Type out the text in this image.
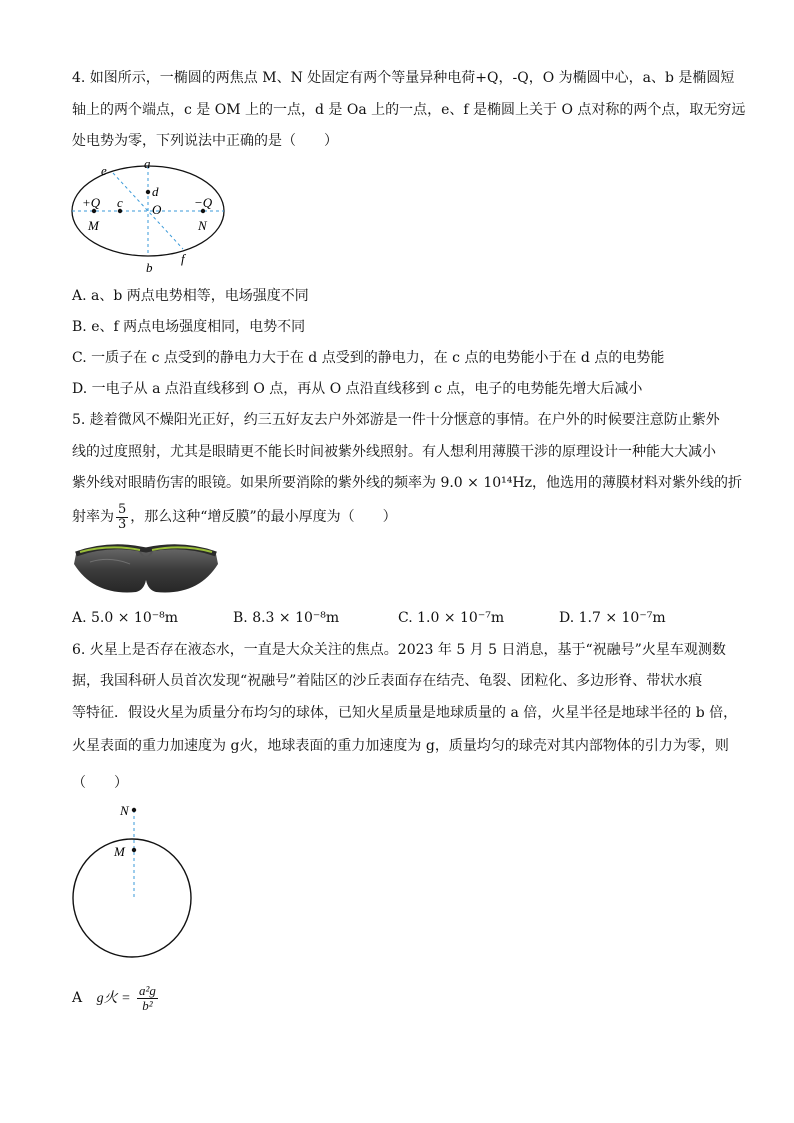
4. 如图所示，一椭圆的两焦点 M、N 处固定有两个等量异种电荷+Q，-Q，O 为椭圆中心，a、b 是椭圆短
轴上的两个端点，c 是 OM 上的一点，d 是 Oa 上的一点，e、f 是椭圆上关于 O 点对称的两个点，取无穷远
处电势为零，下列说法中正确的是（　　）
a
e
d
+Q c O	−Q
M	N
f
b
A. a、b 两点电势相等，电场强度不同
B. e、f 两点电场强度相同，电势不同
C. 一质子在 c 点受到的静电力大于在 d 点受到的静电力，在 c 点的电势能小于在 d 点的电势能
D. 一电子从 a 点沿直线移到 O 点，再从 O 点沿直线移到 c 点，电子的电势能先增大后减小
5. 趁着微风不燥阳光正好，约三五好友去户外郊游是一件十分惬意的事情。在户外的时候要注意防止紫外
线的过度照射，尤其是眼睛更不能长时间被紫外线照射。有人想利用薄膜干涉的原理设计一种能大大减小
紫外线对眼睛伤害的眼镜。如果所要消除的紫外线的频率为 9.0 × 10¹⁴Hz，他选用的薄膜材料对紫外线的折
射率为 $\frac{5}{3}$ ，那么这种“增反膜”的最小厚度为（　　）
A. 5.0 × 10⁻⁸m	B. 8.3 × 10⁻⁸m	C. 1.0 × 10⁻⁷m	D. 1.7 × 10⁻⁷m
6. 火星上是否存在液态水，一直是大众关注的焦点。2023 年 5 月 5 日消息，基于“祝融号”火星车观测数
据，我国科研人员首次发现“祝融号”着陆区的沙丘表面存在结壳、龟裂、团粒化、多边形脊、带状水痕
等特征．假设火星为质量分布均匀的球体，已知火星质量是地球质量的 a 倍，火星半径是地球半径的 b 倍，
火星表面的重力加速度为 g火，地球表面的重力加速度为 g，质量均匀的球壳对其内部物体的引力为零，则
（　　）
N
M
A g火 = $\frac{\text{a²g}}{\text{b²}}$
